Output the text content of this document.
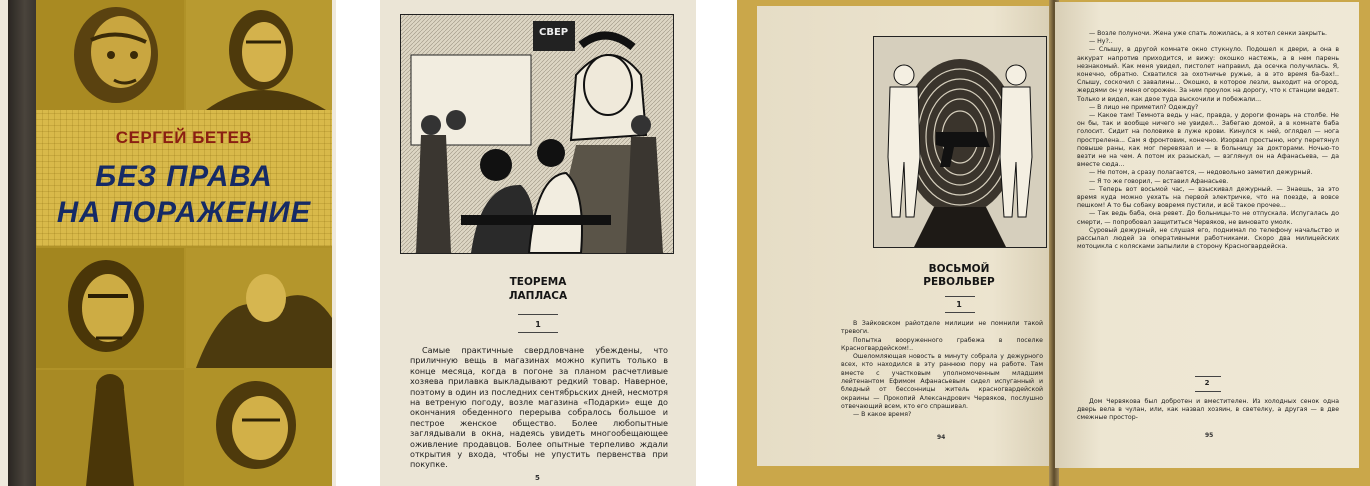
СЕРГЕЙ БЕТЕВ
БЕЗ ПРАВА
НА ПОРАЖЕНИЕ
СВЕР
ТЕОРЕМА
ЛАПЛАСА
1

Самые практичные свердловчане убеждены, что приличную вещь в магазинах можно купить только в конце месяца, когда в погоне за планом расчетливые хозяева прилавка выкладывают редкий товар. Наверное, поэтому в один из последних сентябрьских дней, несмотря на ветреную погоду, возле магазина «Подарки» еще до окончания обеденного перерыва собралось большое и пестрое женское общество. Более любопытные заглядывали в окна, надеясь увидеть многообещающее оживление продавцов. Более опытные терпеливо ждали открытия у входа, чтобы не упустить первенства при покупке.

5
ВОСЬМОЙ
РЕВОЛЬВЕР
1

В Зайковском райотделе милиции не помнили такой тревоги.

Попытка вооруженного грабежа в поселке Красногвардейском!..

Ошеломляющая новость в минуту собрала у дежурного всех, кто находился в эту раннюю пору на работе. Там вместе с участковым уполномоченным младшим лейтенантом Ефимом Афанасьевым сидел испуганный и бледный от бессонницы житель красногвардейской окраины — Прокопий Александрович Червяков, послушно отвечающий всем, кто его спрашивал.

— В какое время?

94

— Возле полуночи. Жена уже спать ложилась, а я хотел сенки закрыть.

— Ну?..

— Слышу, в другой комнате окно стукнуло. Подошел к двери, а она в аккурат напротив приходится, и вижу: окошко настежь, а в нем парень незнакомый. Как меня увидел, пистолет направил, да осечка получилась. Я, конечно, обратно. Схватился за охотничье ружье, а в это время ба-бах!.. Слышу, соскочил с завалины... Окошко, в которое лезли, выходит на огород, жердями он у меня огорожен. За ним проулок на дорогу, что к станции ведет. Только и видел, как двое туда выскочили и побежали...

— В лицо не приметил? Одежду?

— Какое там! Темнота ведь у нас, правда, у дороги фонарь на столбе. Не он бы, так и вообще ничего не увидел... Забегаю домой, а в комнате баба голосит. Сидит на половике в луже крови. Кинулся к ней, оглядел — нога прострелена... Сам я фронтовик, конечно. Изорвал простыню, ногу перетянул повыше раны, как мог перевязал и — в больницу за докторами. Ночью-то везти не на чем. А потом их разыскал, — взглянул он на Афанасьева, — да вместе сюда...

— Не потом, а сразу полагается, — недовольно заметил дежурный.

— Я то же говорил, — вставил Афанасьев.

— Теперь вот восьмой час, — взыскивал дежурный. — Знаешь, за это время куда можно уехать на первой электричке, что на поезде, а вовсе пешком! А то бы собаку вовремя пустили, и всё такое прочее...

— Так ведь баба, она ревет. До больницы-то не отпускала. Испугалась до смерти, — попробовал защититься Червяков, не виновато умолк.

Суровый дежурный, не слушая его, поднимал по телефону начальство и рассылал людей за оперативными работниками. Скоро два милицейских мотоцикла с колясками запылили в сторону Красногвардейска.

2

Дом Червякова был добротен и вместителен. Из холодных сенок одна дверь вела в чулан, или, как назвал хозяин, в светелку, а другая — в две смежные простор-

95
